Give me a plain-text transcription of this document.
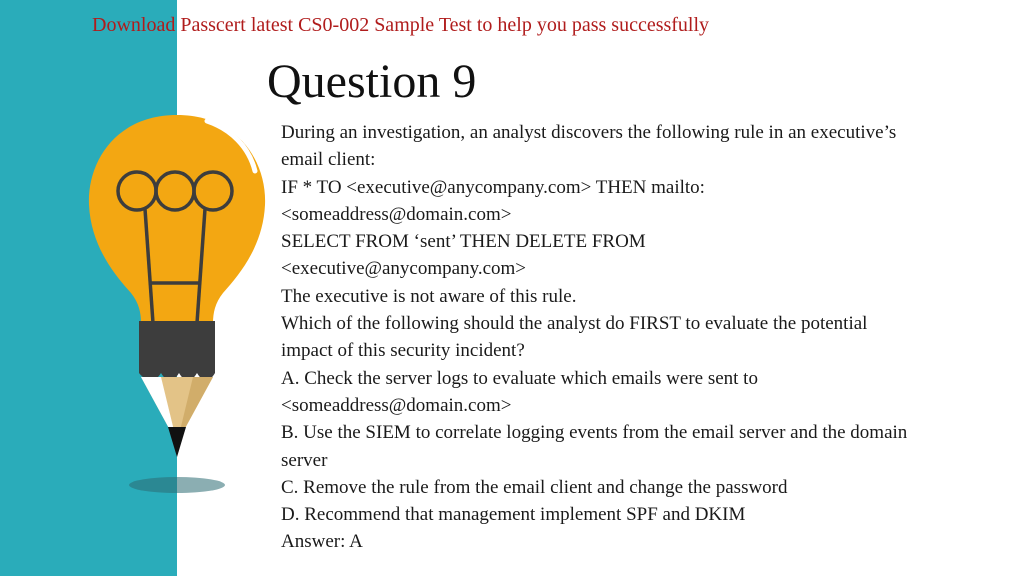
Download Passcert latest CS0-002 Sample Test to help you pass successfully
Question 9
During an investigation, an analyst discovers the following rule in an executive’s
email client:
IF * TO <executive@anycompany.com> THEN mailto:
<someaddress@domain.com>
SELECT FROM ‘sent’ THEN DELETE FROM
<executive@anycompany.com>
The executive is not aware of this rule.
Which of the following should the analyst do FIRST to evaluate the potential
impact of this security incident?
A. Check the server logs to evaluate which emails were sent to
<someaddress@domain.com>
B. Use the SIEM to correlate logging events from the email server and the domain
server
C. Remove the rule from the email client and change the password
D. Recommend that management implement SPF and DKIM
Answer: A
